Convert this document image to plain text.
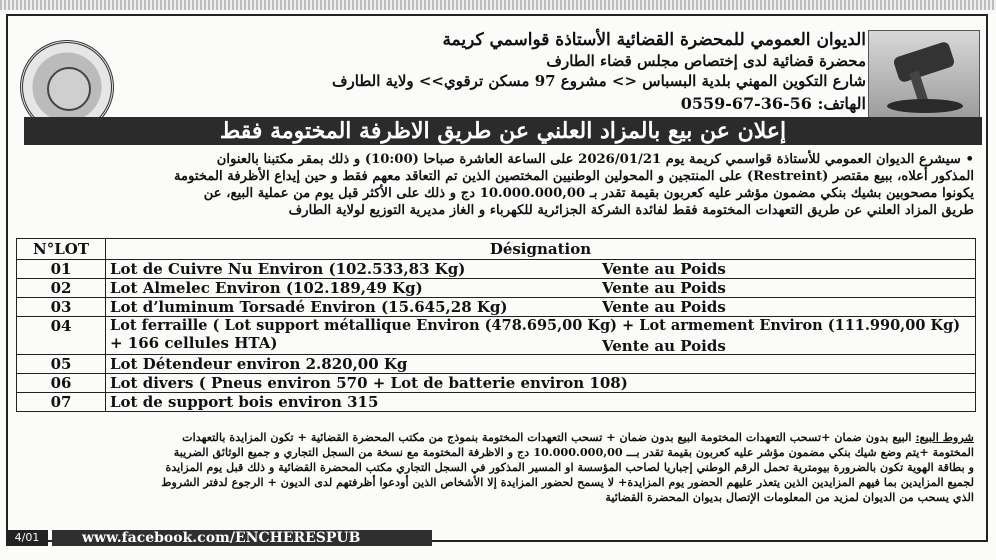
الديوان العمومي للمحضرة القضائية الأستاذة قواسمي كريمة
محضرة قضائية لدى إختصاص مجلس قضاء الطارف
شارع التكوين المهني بلدية البسباس <> مشروع 97 مسكن ترقوي>> ولاية الطارف
الهاتف: 56-36-67-0559
إعلان عن بيع بالمزاد العلني عن طريق الاظرفة المختومة فقط
• سيشرع الديوان العمومي للأستاذة قواسمي كريمة يوم 2026/01/21 على الساعة العاشرة صباحا (10:00) و ذلك بمقر مكتبنا بالعنوان
المذكور أعلاه، ببيع مقتصر (Restreint) على المنتجين و المحولين الوطنيين المختصين الذين تم التعاقد معهم فقط و حين إيداع الأظرفة المختومة
يكونوا مصحوبين بشيك بنكي مضمون مؤشر عليه كعربون بقيمة تقدر بـ 10.000.000,00 دج و ذلك على الأكثر قبل يوم من عملية البيع، عن
طريق المزاد العلني عن طريق التعهدات المختومة فقط لفائدة الشركة الجزائرية للكهرباء و الغاز مديرية التوزيع لولاية الطارف
N°LOT	Désignation
01	Lot de Cuivre Nu Environ (102.533,83 Kg) Vente au Poids

02	Lot Almelec Environ (102.189,49 Kg) Vente au Poids

03	Lot d’luminum Torsadé Environ (15.645,28 Kg) Vente au Poids

04	Lot ferraille ( Lot support métallique Environ (478.695,00 Kg) + Lot armement Environ (111.990,00 Kg)
+ 166 cellules HTA) Vente au Poids

05	Lot Détendeur environ 2.820,00 Kg
06	Lot divers ( Pneus environ 570 + Lot de batterie environ 108)
07	Lot de support bois environ 315
شروط البيع: البيع بدون ضمان +تسحب التعهدات المختومة البيع بدون ضمان + تسحب التعهدات المختومة بنموذج من مكتب المحضرة القضائية + تكون المزايدة بالتعهدات
المختومة +يتم وضع شيك بنكي مضمون مؤشر عليه كعربون بقيمة تقدر بـــ 10.000.000,00 دج و الاظرفة المختومة مع نسخة من السجل التجاري و جميع الوثائق الضريبة
و بطاقة الهوية تكون بالضرورة بيومترية تحمل الرقم الوطني إجباريا لصاحب المؤسسة او المسير المذكور في السجل التجاري مكتب المحضرة القضائية و ذلك قبل يوم المزايدة
لجميع المزايدين بما فيهم المزايدين الذين يتعذر عليهم الحضور يوم المزايدة+ لا يسمح لحضور المزايدة إلا الأشخاص الذين أودعوا أظرفتهم لدى الديون + الرجوع لدفتر الشروط
الذي يسحب من الديوان لمزيد من المعلومات الإتصال بديوان المحضرة القضائية
4/01	www.facebook.com/ENCHERESPUB
